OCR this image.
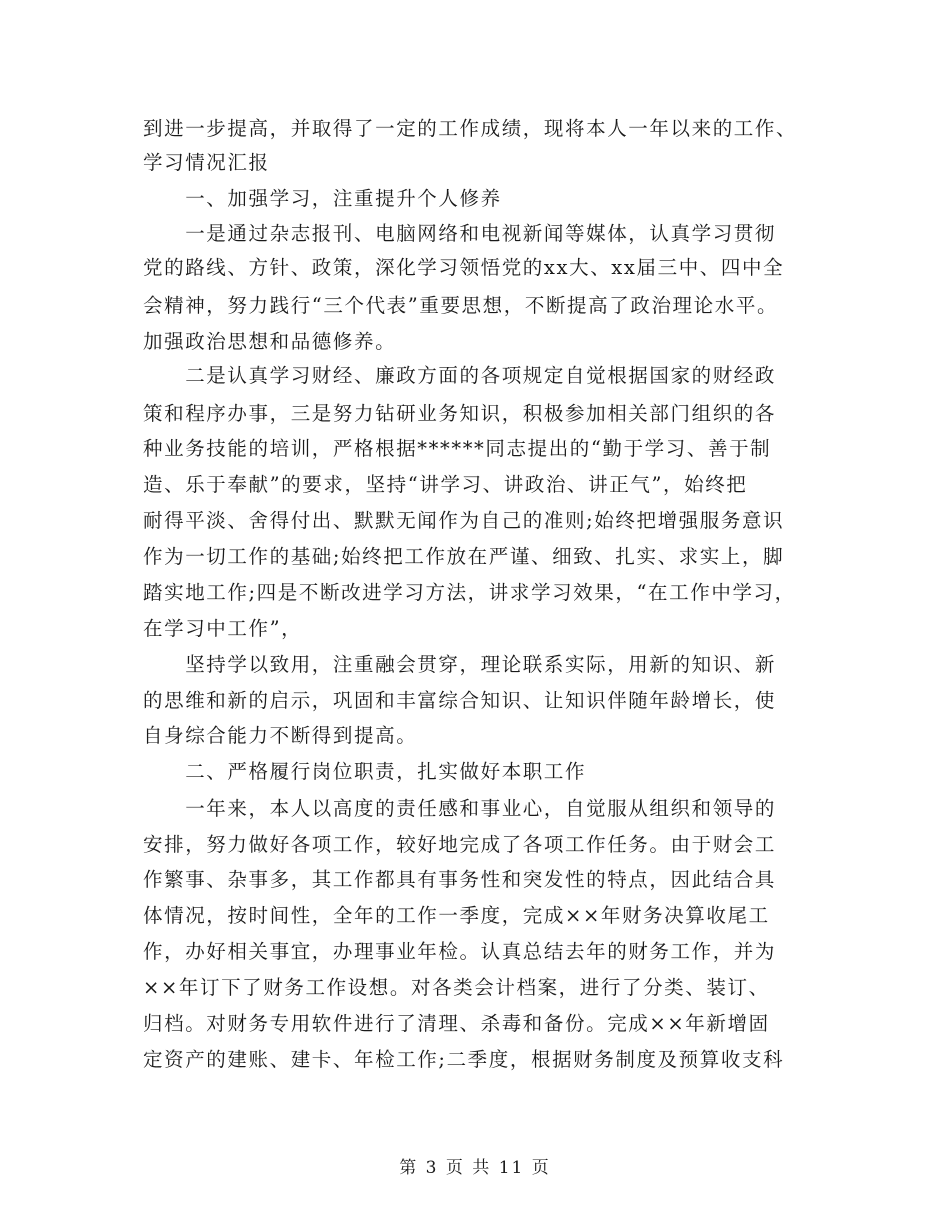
到进一步提高，并取得了一定的工作成绩，现将本人一年以来的工作、
学习情况汇报
　　一、加强学习，注重提升个人修养
　　一是通过杂志报刊、电脑网络和电视新闻等媒体，认真学习贯彻
党的路线、方针、政策，深化学习领悟党的xx大、xx届三中、四中全
会精神，努力践行“三个代表”重要思想，不断提高了政治理论水平。
加强政治思想和品德修养。
　　二是认真学习财经、廉政方面的各项规定自觉根据国家的财经政
策和程序办事，三是努力钻研业务知识，积极参加相关部门组织的各
种业务技能的培训，严格根据******同志提出的“勤于学习、善于制
造、乐于奉献”的要求，坚持“讲学习、讲政治、讲正气”，始终把
耐得平淡、舍得付出、默默无闻作为自己的准则;始终把增强服务意识
作为一切工作的基础;始终把工作放在严谨、细致、扎实、求实上，脚
踏实地工作;四是不断改进学习方法，讲求学习效果，“在工作中学习，
在学习中工作”，
　　坚持学以致用，注重融会贯穿，理论联系实际，用新的知识、新
的思维和新的启示，巩固和丰富综合知识、让知识伴随年龄增长，使
自身综合能力不断得到提高。
　　二、严格履行岗位职责，扎实做好本职工作
　　一年来，本人以高度的责任感和事业心，自觉服从组织和领导的
安排，努力做好各项工作，较好地完成了各项工作任务。由于财会工
作繁事、杂事多，其工作都具有事务性和突发性的特点，因此结合具
体情况，按时间性，全年的工作一季度，完成××年财务决算收尾工
作，办好相关事宜，办理事业年检。认真总结去年的财务工作，并为
××年订下了财务工作设想。对各类会计档案，进行了分类、装订、
归档。对财务专用软件进行了清理、杀毒和备份。完成××年新增固
定资产的建账、建卡、年检工作;二季度，根据财务制度及预算收支科
第 3 页 共 11 页
